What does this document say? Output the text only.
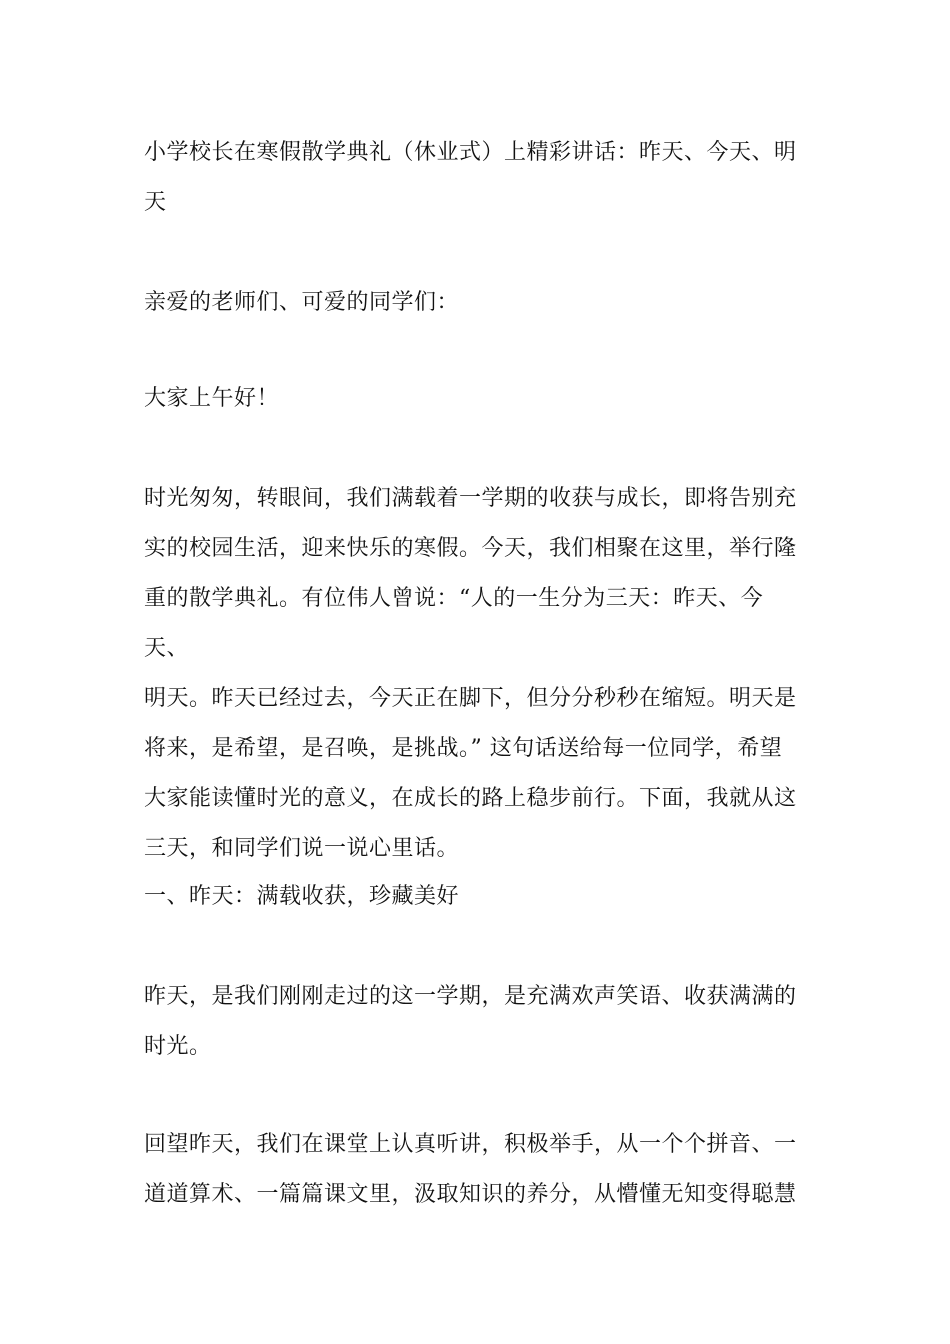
小学校长在寒假散学典礼（休业式）上精彩讲话：昨天、今天、明
天
亲爱的老师们、可爱的同学们：
大家上午好！
时光匆匆，转眼间，我们满载着一学期的收获与成长，即将告别充
实的校园生活，迎来快乐的寒假。今天，我们相聚在这里，举行隆
重的散学典礼。有位伟人曾说：“人的一生分为三天：昨天、今天、
明天。昨天已经过去，今天正在脚下，但分分秒秒在缩短。明天是
将来，是希望，是召唤，是挑战。” 这句话送给每一位同学，希望
大家能读懂时光的意义，在成长的路上稳步前行。下面，我就从这
三天，和同学们说一说心里话。
一、昨天：满载收获，珍藏美好
昨天，是我们刚刚走过的这一学期，是充满欢声笑语、收获满满的
时光。
回望昨天，我们在课堂上认真听讲，积极举手，从一个个拼音、一
道道算术、一篇篇课文里，汲取知识的养分，从懵懂无知变得聪慧
